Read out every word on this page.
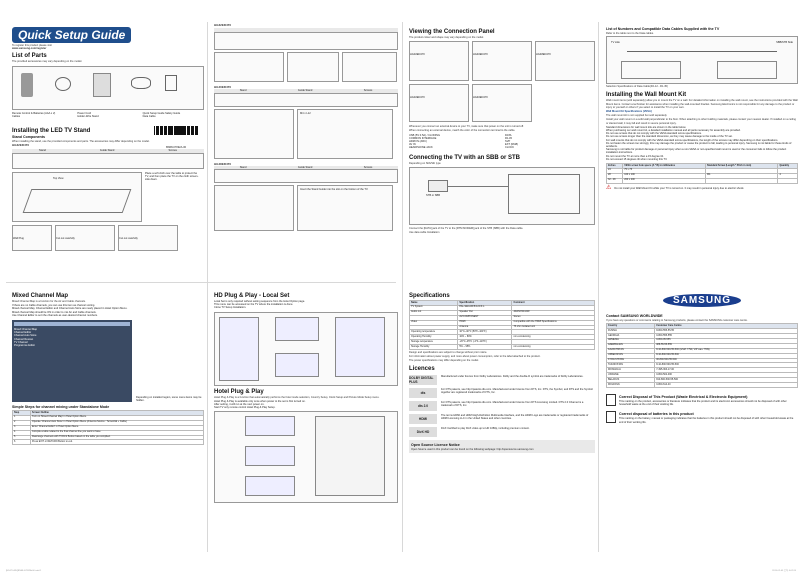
Quick Setup Guide

To register this product please visit

www.samsung.com/register

List of Parts

The provided accessories may vary depending on the model.

Remote Control & Batteries (AAA x 2)	Power Cord	Quick Setup Guide Safety Guide
Cables	Holder-Wire Stand	Data Cable
BN68-07092A-00
Installing the LED TV Stand
Stand Components

When installing the stand, use the provided components and parts. The accessories may differ depending on the model.

HG32ED470

Stand	Guide Stand	Screws
Top View

Place a soft cloth over the table to protect the TV, and then place the TV on the cloth screen-side down.

Wall Plug	Cut out carefully	Cut out carefully

HG32ED470

HG40ED470

Stand	Guide Stand	Screws

M4 x L12

HG48ED470

Stand	Guide Stand	Screws

Insert the Stand Guide into the slot on the bottom of the TV.

Viewing the Connection Panel

The product colour and shape may vary depending on the model.

HG32ED470	HG40ED470	HG48ED470
HG32ED470	HG40ED470

Whenever you connect an external device to your TV, make sure that power on the unit is turned off.

When connecting an external device, match the color of the connection terminal to the cable.

USB (5V 0.5A) / CLONING	DATA
COMMON INTERFACE	RJ-45
HDMI IN (ARC)	SVP
AV IN	EXT (RGB)
HEADPHONE JACK	CLOCK
Connecting the TV with an SBB or STB

Depending on Sbb/Stb type

STB or SBB

Connect the [DATA] jack of the TV to the [RTM MODEM] jack of the STB (SBB) with the Data cable.

Use data cable Installation

List of Numbers and Compatible Data Cables Supplied with the TV

Refer to the table next to the Data cables.

TV side	SBB/STB Side

Selection Specifications of Data Cable(RJ-12 - RJ-45)

Installing the Wall Mount Kit

Wall mount items (sold separately) allow you to mount the TV on a wall. For detailed information on installing the wall mount, see the instructions provided with the Wall Mount items. Contact a technician for assistance when installing the wall-mounted bracket. Samsung Electronics is not responsible for any damage to the product or injury to yourself or others if you select to install the TV on your own.

Wall Mount Kit Specifications (VESA)

The wall mount kit is not supplied but sold separately.

Install your wall mount on a solid wall perpendicular to the floor. When attaching to other building materials, please contact your nearest dealer. If installed on a ceiling or slanted wall, it may fall and result in severe personal injury.

Standard dimensions for wall mount kits are shown in the table below.
When purchasing our wall mount kit, a detailed installation manual and all parts necessary for assembly are provided.
Do not use screws that do not comply with the VESA standard screw specifications.
Do not use screws longer than the standard dimension, as they may cause damage to the inside of the TV set.
For wall mounts that do not comply with the VESA standard screw specifications, the length of the screws may differ depending on their specifications.
Do not fasten the screws too strongly, this may damage the product or cause the product to fall, leading to personal injury. Samsung is not liable for these kinds of accidents.
Samsung is not liable for product damage or personal injury when a non-VESA or non-specified wall mount is used or the consumer fails to follow the product installation instructions.
Do not mount the TV at more than a 15 degree tilt.
Do not exceed 15 degrees tilt when mounting this TV.
Inches	VESA screw hole specs (A * B) in millimetres	Standard Screw (Length * Pitch in mm)	Quantity
24	75 x 75		
28	100 x 100	M4	4
32 - 48	200 x 200		
⚠ Do not install your Wall Mount Kit while your TV is turned on. It may result in personal injury due to electric shock.

Mixed Channel Map

Mixed Channel Map is a function for the Air and Cable channels.

If there are no Cable channels, you can use this item as channel sorting.
Mixed channel Map, Channel Editor and Channel Auto Store are newly placed in Hotel Option Menu.
Mixed channel Map should be ON in order to mix Air and Cable channels.
Use Channel Editor to sort the channels as user-desired channel numbers.

Mixed Channel Map

Channel Editor

Channel Auto Store

Channel Rescan

TV Channel

Programme Editor

Depending on installed region, some menu items may be hidden.

Simple Steps for channel mixing under Standalone Mode
Step	Screen Outline
1	Turn on 'Mixed Channel Map' in Hotel Option Menu.
2	Operate 'Channel Auto Store' in Hotel Option Menu (Antenna Source : Terrestrial + Cable)
3	Enter 'Channel Editor' in Hotel Option Menu.
4	Compile a table related to the final channel line you want to have.
5	Rearrange channels with TOOLS Button based on the table you compiled.
6	Press EXIT or RETURN Button to exit.
HD Plug & Play - Local Set
Local Set is only required without setting sequence from the Hotel Option page.
This menu can be accessed on the TV where the installation is done.
Clone TV Setup Installation.
Hotel Plug & Play

Hotel Plug & Play is a function that automatically performs the hotel mode selection, Country Setup, Clock Setup and Picture Mode Setup menu.

Hotel Plug & Play is available only once when power to the set is first turned on.
After setting, it will run at the next power on.
Start TV only remote control Hotel Plug & Play Setup.
Specifications
Name	Specification	Comment
TV System	PAL-SECAM B/G D/K L	
Audio out	Speaker Out	40W/20W/10W
	AV/COMPONENT	Stereo
Video	HDMI	Compatible with the HDMI Specifications
	Antenna	75 ohm Isolated unit
Operating temperature	10°C~40°C (50°F~104°F)	
Operating Humidity	10% ~ 80%	non-condensing
Storage temperature	-20°C~45°C (-4°F~113°F)	
Storage Humidity	5% ~ 95%	non-condensing

Design and specifications are subject to change without prior notice.

For information about power supply, and more about power consumption, refer to the label attached to the product.

The power specifications may differ depending on the model.

Licences
DOLBY DIGITAL PLUS

Manufactured under licence from Dolby Laboratories. Dolby and the double-D symbol are trademarks of Dolby Laboratories.

dts

For DTS patents, see http://patents.dts.com. Manufactured under licence from DTS, Inc. DTS, the Symbol, and DTS and the Symbol together are registered trademarks of DTS, Inc.

dts 2.0

For DTS patents, see http://patents.dts.com. Manufactured under licence from DTS Licensing Limited. DTS 2.0 Channel is a trademark of DTS, Inc.

HDMI

The terms HDMI and HDMI High-Definition Multimedia Interface, and the HDMI Logo are trademarks or registered trademarks of HDMI Licensing LLC in the United States and other countries.

DivX HD

DivX Certified to play DivX video up to HD 1080p, including premium content.

Open Source Licence Notice

Open Source used in this product can be found on the following webpage: http://opensource.samsung.com

SAMSUNG
Contact SAMSUNG WORLDWIDE

If you have any questions or comments relating to Samsung products, please contact the SAMSUNG customer care centre.

Country	Customer Care Centre
RUSSIA	8-800-555-55-55
GEORGIA	0-800-555-555
ARMENIA	0-800-05-555
AZERBAIJAN	088-55-55-555
KAZAKHSTAN	8-10-800-500-55-500 (GSM: 7799, VIP care 7799)
UZBEKISTAN	8-10-800-500-55-500
KYRGYZSTAN	00-800-500-55-500
TADJIKISTAN	8-10-800-500-55-500
MONGOLIA	7-495-363-17-00
UKRAINE	0-800-502-000
BELARUS	810-800-500-55-500
MOLDOVA	0-800-614-40
Correct Disposal of This Product (Waste Electrical & Electronic Equipment)

This marking on the product, accessories or literature indicates that the product and its electronic accessories should not be disposed of with other household waste at the end of their working life.

Correct disposal of batteries in this product

This marking on the battery, manual or packaging indicates that the batteries in this product should not be disposed of with other household waste at the end of their working life.

[ED470-RU]BN68-07092A-00 indd 1	2015-02-05 오후 4:02:26
